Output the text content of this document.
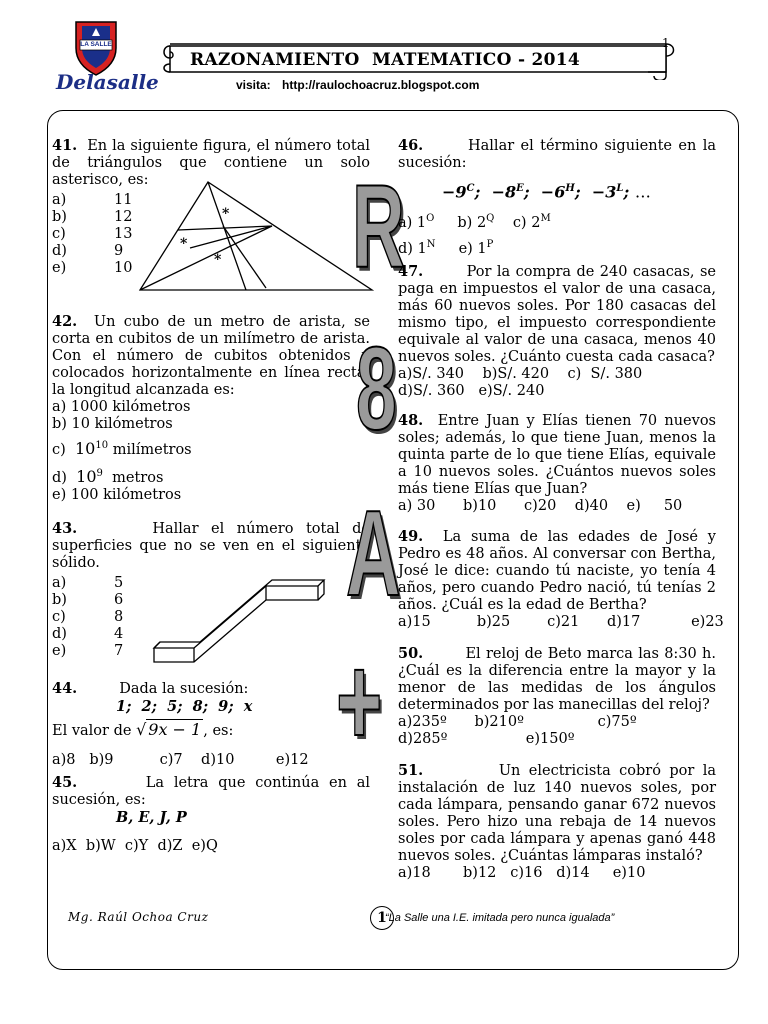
LA SALLE
Delasalle
1
RAZONAMIENTO  MATEMATICO - 2014
visita: http://raulochoacruz.blogspot.com

41. En la siguiente figura, el número total de triángulos que contiene un solo asterisco, es:

a)	11
b)	12
c)	13
d)	9
e)	10
*
*
*

42. Un cubo de un metro de arista, se corta en cubitos de un milímetro de arista. Con el número de cubitos obtenidos y colocados horizontalmente en línea recta, la longitud alcanzada es:

a) 1000 kilómetros
b) 10 kilómetros
c) $10^{10}$ milímetros
d) $10^9$ metros
e) 100 kilómetros

43.	Hallar el número total de superficies que no se ven en el siguiente sólido.

a)	5
b)	6
c)	8
d)	4
e)	7
44.	Dada la sucesión:
1;  2;  5;  8;  9;  x
El valor de √ 9x − 1 , es:
a)8   b)9          c)7    d)10         e)12

45.	La letra que continúa en al sucesión, es:

B, E, J, P
a)X  b)W  c)Y  d)Z  e)Q
R
8
A
+

46.	Hallar el término siguiente en la sucesión:

$-9^C$;  $-8^E$;  $-6^H$;  $-3^L$; …
a) $1^O$ b) $2^Q$ c) $2^M$
d) $1^N$ e) $1^P$

47.	Por la compra de 240 casacas, se paga en impuestos el valor de una casaca, más 60 nuevos soles. Por 180 casacas del mismo tipo, el impuesto correspondiente equivale al valor de una casaca, menos 40 nuevos soles. ¿Cuánto cuesta cada casaca?

a)S/. 340    b)S/. 420    c)  S/. 380
d)S/. 360   e)S/. 240

48. Entre Juan y Elías tienen 70 nuevos soles; además, lo que tiene Juan, menos la quinta parte de lo que tiene Elías, equivale a 10 nuevos soles. ¿Cuántos nuevos soles más tiene Elías que Juan?

a) 30      b)10      c)20    d)40    e)     50

49. La suma de las edades de José y Pedro es 48 años. Al conversar con Bertha, José le dice: cuando tú naciste, yo tenía 4 años, pero cuando Pedro nació, tú tenías 2 años. ¿Cuál es la edad de Bertha?

a)15          b)25        c)21      d)17           e)23

50.	El reloj de Beto marca las 8:30 h. ¿Cuál es la diferencia entre la mayor y la menor de las medidas de los ángulos determinados por las manecillas del reloj?

a)235º      b)210º                c)75º
d)285º                 e)150º

51.	Un electricista cobró por la instalación de luz 140 nuevos soles, por cada lámpara, pensando ganar 672 nuevos soles. Pero hizo una rebaja de 14 nuevos soles por cada lámpara y apenas ganó 448 nuevos soles. ¿Cuántas lámparas instaló?

a)18       b)12   c)16   d)14     e)10
Mg. Raúl Ochoa Cruz	1
“La Salle una I.E. imitada pero nunca igualada”
